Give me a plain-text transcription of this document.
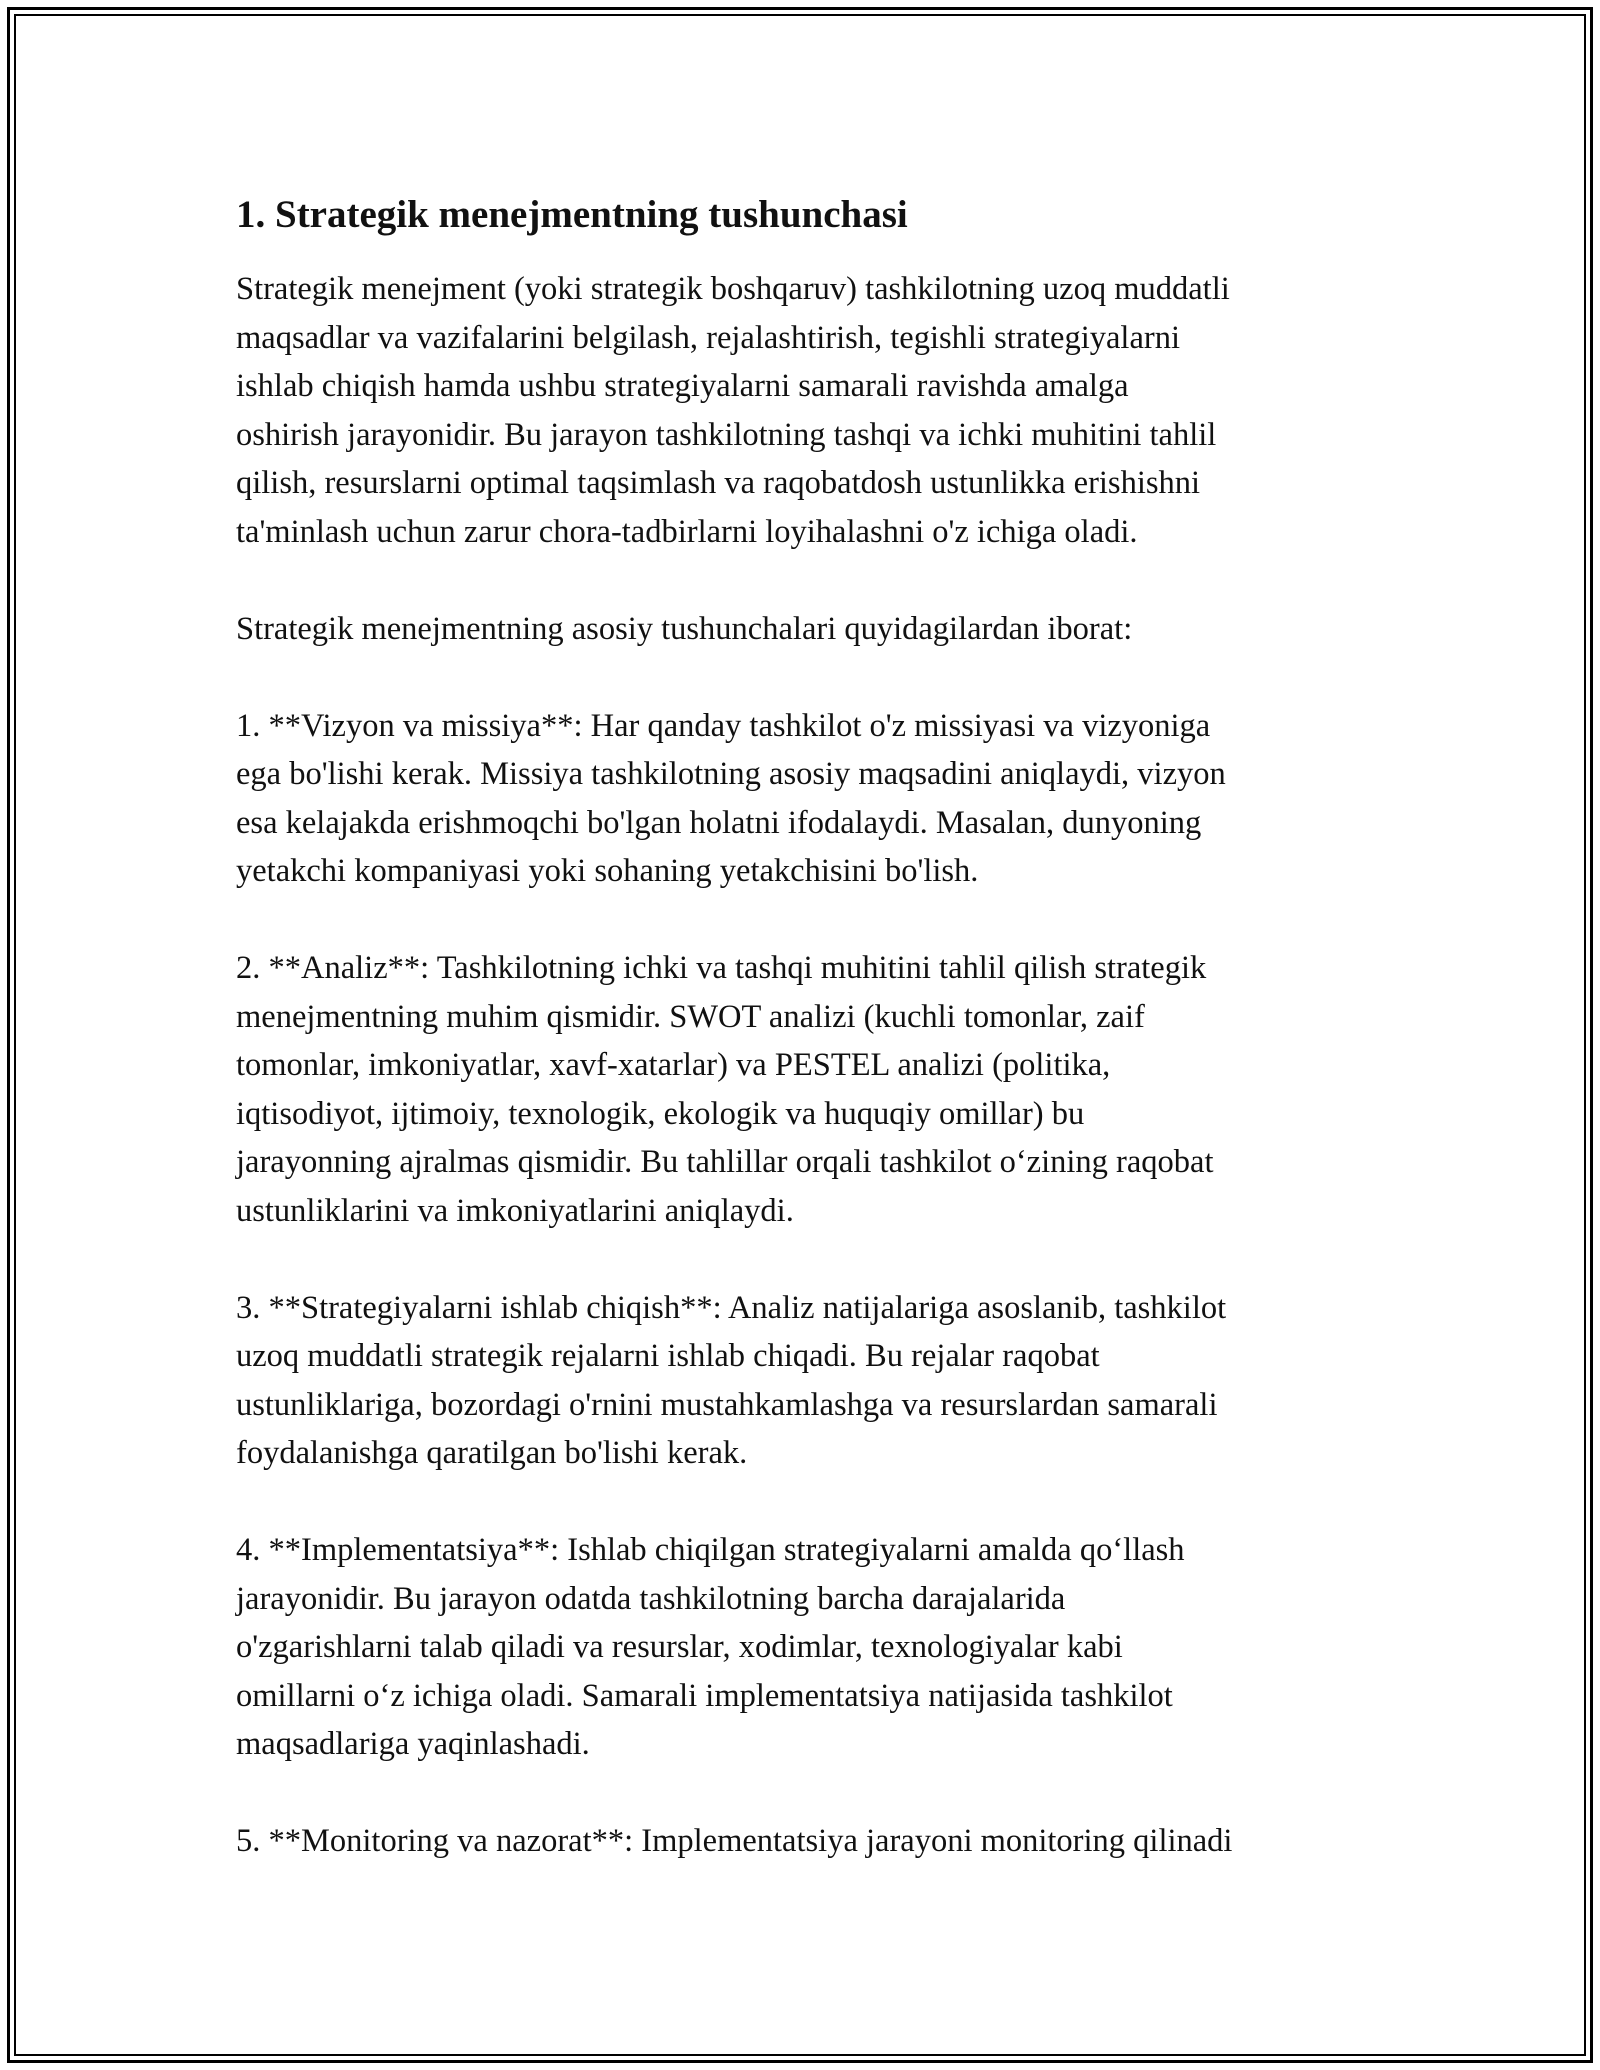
1. Strategik menejmentning tushunchasi

Strategik menejment (yoki strategik boshqaruv) tashkilotning uzoq muddatli
maqsadlar va vazifalarini belgilash, rejalashtirish, tegishli strategiyalarni
ishlab chiqish hamda ushbu strategiyalarni samarali ravishda amalga
oshirish jarayonidir. Bu jarayon tashkilotning tashqi va ichki muhitini tahlil
qilish, resurslarni optimal taqsimlash va raqobatdosh ustunlikka erishishni
ta'minlash uchun zarur chora-tadbirlarni loyihalashni o'z ichiga oladi.

Strategik menejmentning asosiy tushunchalari quyidagilardan iborat:

1. **Vizyon va missiya**: Har qanday tashkilot o'z missiyasi va vizyoniga
ega bo'lishi kerak. Missiya tashkilotning asosiy maqsadini aniqlaydi, vizyon
esa kelajakda erishmoqchi bo'lgan holatni ifodalaydi. Masalan, dunyoning
yetakchi kompaniyasi yoki sohaning yetakchisini bo'lish.

2. **Analiz**: Tashkilotning ichki va tashqi muhitini tahlil qilish strategik
menejmentning muhim qismidir. SWOT analizi (kuchli tomonlar, zaif
tomonlar, imkoniyatlar, xavf-xatarlar) va PESTEL analizi (politika,
iqtisodiyot, ijtimoiy, texnologik, ekologik va huquqiy omillar) bu
jarayonning ajralmas qismidir. Bu tahlillar orqali tashkilot o‘zining raqobat
ustunliklarini va imkoniyatlarini aniqlaydi.

3. **Strategiyalarni ishlab chiqish**: Analiz natijalariga asoslanib, tashkilot
uzoq muddatli strategik rejalarni ishlab chiqadi. Bu rejalar raqobat
ustunliklariga, bozordagi o'rnini mustahkamlashga va resurslardan samarali
foydalanishga qaratilgan bo'lishi kerak.

4. **Implementatsiya**: Ishlab chiqilgan strategiyalarni amalda qo‘llash
jarayonidir. Bu jarayon odatda tashkilotning barcha darajalarida
o'zgarishlarni talab qiladi va resurslar, xodimlar, texnologiyalar kabi
omillarni o‘z ichiga oladi. Samarali implementatsiya natijasida tashkilot
maqsadlariga yaqinlashadi.

5. **Monitoring va nazorat**: Implementatsiya jarayoni monitoring qilinadi
